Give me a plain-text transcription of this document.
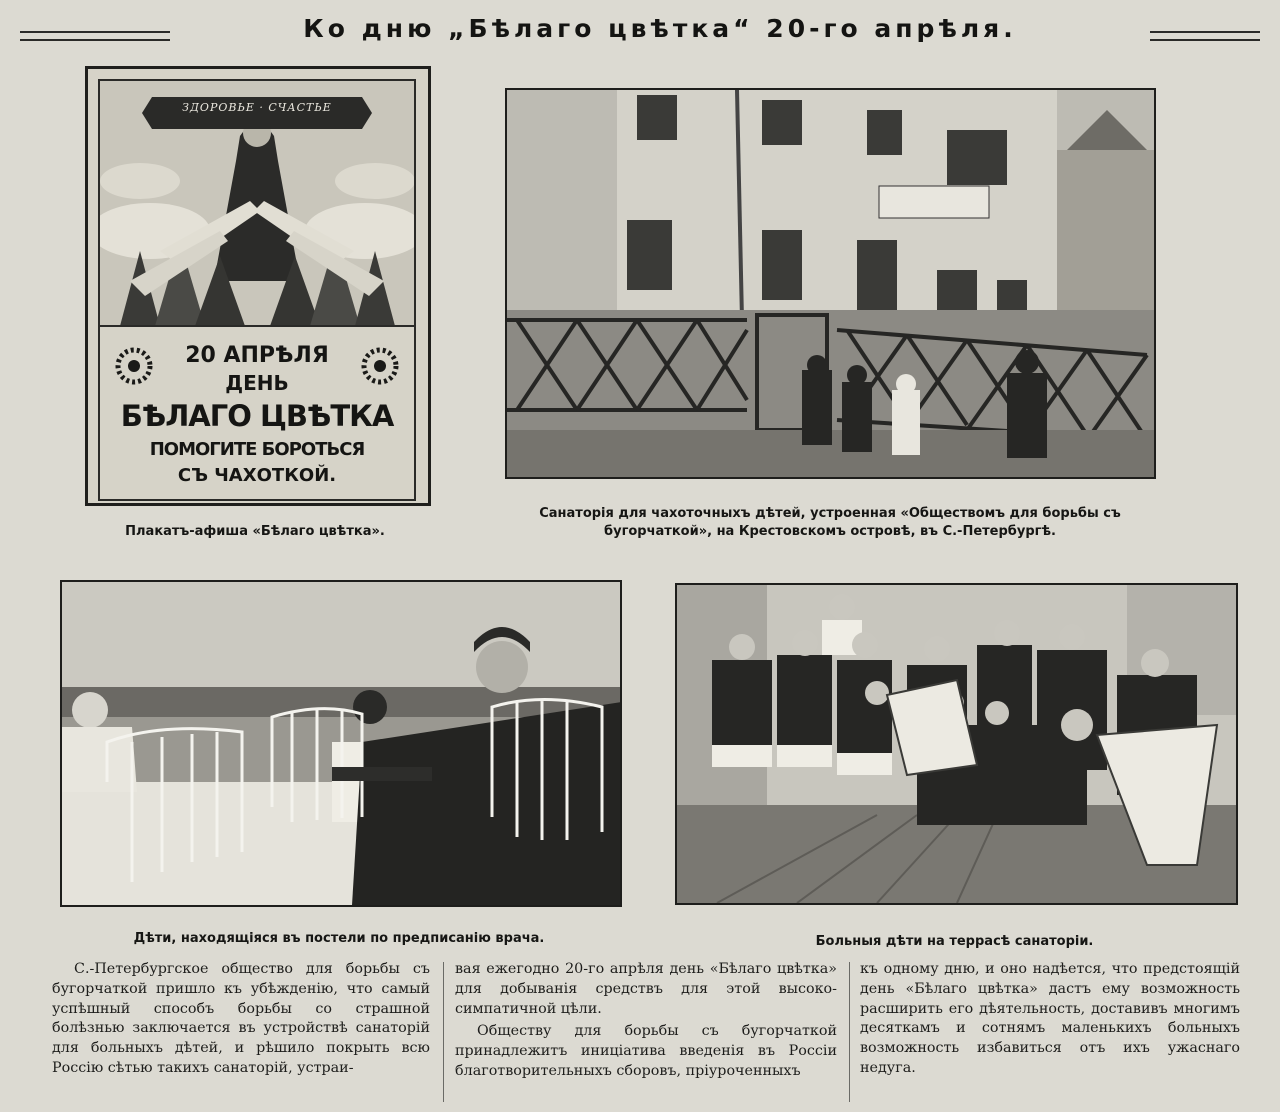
Ко дню „Бѣлаго цвѣтка“ 20-го апрѣля.
ЗДОРОВЬЕ · СЧАСТЬЕ
20 АПРѢЛЯ
ДЕНЬ
БѢЛАГО ЦВѢТКА
ПОМОГИТЕ БОРОТЬСЯ
СЪ ЧАХОТКОЙ.
Плакатъ-афиша «Бѣлаго цвѣтка».
Санаторія для чахоточныхъ дѣтей, устроенная «Обществомъ для борьбы съ
бугорчаткой», на Крестовскомъ островѣ, въ С.-Петербургѣ.
Дѣти, находящіяся въ постели по предписанію врача.	Больныя дѣти на террасѣ санаторіи.

С.-Петербургское общество для борьбы съ бугорчаткой пришло къ убѣжденію, что самый успѣшный способъ борьбы со страшной болѣзнью заключается въ устройствѣ санаторій для больныхъ дѣтей, и рѣшило покрыть всю Россію сѣтью такихъ санаторій, устраи-

вая ежегодно 20-го апрѣля день «Бѣлаго цвѣтка» для добыванія средствъ для этой высоко-симпатичной цѣли.

Обществу для борьбы съ бугорчаткой принадлежитъ иниціатива введенія въ Россіи благотворительныхъ сборовъ, пріуроченныхъ

къ одному дню, и оно надѣется, что предстоящій день «Бѣлаго цвѣтка» дастъ ему возможность расширить его дѣятельность, доставивъ многимъ десяткамъ и сотнямъ маленькихъ больныхъ возможность избавиться отъ ихъ ужаснаго недуга.
